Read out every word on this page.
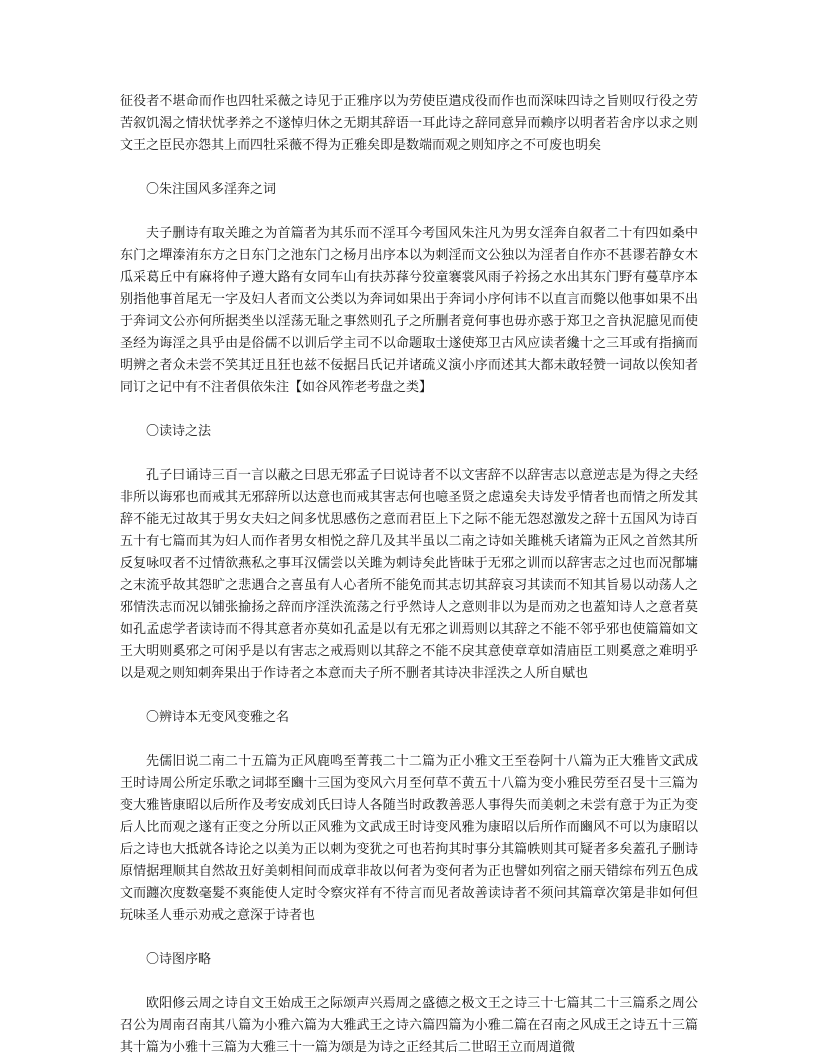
征役者不堪命而作也四牡采薇之诗见于正雅序以为劳使臣遣戍役而作也而深味四诗之旨则叹行役之劳苦叙饥渴之情状忧孝养之不遂悼归休之无期其辞语一耳此诗之辞同意异而赖序以明者若舍序以求之则文王之臣民亦怨其上而四牡采薇不得为正雅矣即是数端而观之则知序之不可废也明矣

〇朱注国风多淫奔之词

夫子删诗有取关雎之为首篇者为其乐而不淫耳今考国风朱注凡为男女淫奔自叙者二十有四如桑中东门之墠溱洧东方之日东门之池东门之杨月出序本以为刺淫而文公独以为淫者自作亦不甚谬若静女木瓜采葛丘中有麻将仲子遵大路有女同车山有扶苏萚兮狡童褰裳风雨子衿扬之水出其东门野有蔓草序本别指他事首尾无一字及妇人者而文公类以为奔词如果出于奔词小序何讳不以直言而斃以他事如果不出于奔词文公亦何所据类坐以淫荡无耻之事然则孔子之所删者竟何事也毋亦惑于郑卫之音执泥臆见而使圣经为诲淫之具乎由是俗儒不以训后学主司不以命题取士遂使郑卫古风应读者纔十之三耳或有指摘而明辨之者众未尝不笑其迂且狂也兹不佞据吕氏记并诸疏义演小序而述其大都未敢轻赞一词故以俟知者同订之记中有不注者俱依朱注【如谷风筰老考盘之类】

〇读诗之法

孔子曰诵诗三百一言以蔽之曰思无邪孟子曰说诗者不以文害辞不以辞害志以意逆志是为得之夫经非所以诲邪也而戒其无邪辞所以达意也而戒其害志何也噫圣贤之虑遠矣夫诗发乎情者也而情之所发其辞不能无过故其于男女夫妇之间多忧思感伤之意而君臣上下之际不能无怨怼激发之辞十五国风为诗百五十有七篇而其为妇人而作者男女相悦之辞几及其半虽以二南之诗如关雎桃夭诸篇为正风之首然其所反复咏叹者不过情欲燕私之事耳汉儒尝以关雎为刺诗矣此皆昧于无邪之训而以辞害志之过也而况鄁墉之末流乎故其怨旷之悲遇合之喜虽有人心者所不能免而其志切其辞哀习其读而不知其旨易以动荡人之邪情泆志而况以铺张揄扬之辞而序淫泆流荡之行乎然诗人之意则非以为是而劝之也蓋知诗人之意者莫如孔孟虑学者读诗而不得其意者亦莫如孔孟是以有无邪之训焉则以其辞之不能不邻乎邪也使篇篇如文王大明则奚邪之可闲乎是以有害志之戒焉则以其辞之不能不戾其意使章章如清庙臣工则奚意之难明乎以是观之则知刺奔果出于作诗者之本意而夫子所不删者其诗决非淫泆之人所自赋也

〇辨诗本无变风变雅之名

先儒旧说二南二十五篇为正风鹿鸣至菁莪二十二篇为正小雅文王至卷阿十八篇为正大雅皆文武成王时诗周公所定乐歌之词邶至豳十三国为变风六月至何草不黄五十八篇为变小雅民劳至召旻十三篇为变大雅皆康昭以后所作及考安成刘氏曰诗人各随当时政教善恶人事得失而美刺之未尝有意于为正为变后人比而观之遂有正变之分所以正风雅为文武成王时诗变风雅为康昭以后所作而豳风不可以为康昭以后之诗也大抵就各诗论之以美为正以刺为变犹之可也若拘其时事分其篇帙则其可疑者多矣蓋孔子删诗原情据理顺其自然故丑好美刺相间而成章非故以何者为变何者为正也譬如列宿之丽天错综布列五色成文而躔次度数毫髮不爽能使人定时令察灾祥有不待言而见者故善读诗者不须问其篇章次第是非如何但玩味圣人垂示劝戒之意深于诗者也

〇诗图序略

欧阳修云周之诗自文王始成王之际颂声兴焉周之盛德之极文王之诗三十七篇其二十三篇系之周公召公为周南召南其八篇为小雅六篇为大雅武王之诗六篇四篇为小雅二篇在召南之风成王之诗五十三篇其十篇为小雅十三篇为大雅三十一篇为颂是为诗之正经其后二世昭王立而周道微
